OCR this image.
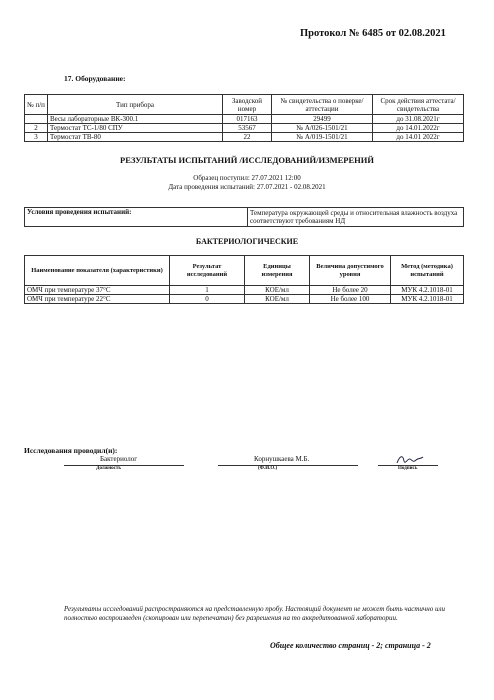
Протокол № 6485 от 02.08.2021
17. Оборудование:
№ п/п	Тип прибора	Заводской номер	№ свидетельства о поверке/аттестации	Срок действия аттестата/свидетельства
	Весы лабораторные ВК-300.1	017163	29499	до 31.08.2021г
2	Термостат ТС-1/80 СПУ	53567	№ А/026-1501/21	до 14.01.2022г
3	Термостат ТВ-80	22	№ А/019-1501/21	до 14.01 2022г
РЕЗУЛЬТАТЫ ИСПЫТАНИЙ /ИССЛЕДОВАНИЙ/ИЗМЕРЕНИЙ
Образец поступил: 27.07.2021 12:00
Дата проведения испытаний: 27.07.2021 - 02.08.2021
Условия проведения испытаний:	Температура окружающей среды и относительная влажность воздуха соответствуют требованиям НД
БАКТЕРИОЛОГИЧЕСКИЕ
Наименование показателя (характеристики)	Результат исследований	Единицы измерения	Величина допустимого уровня	Метод (методика) испытаний
ОМЧ при температуре 37°C	1	КОЕ/мл	Не более 20	МУК 4.2.1018-01
ОМЧ при температуре 22°C	0	КОЕ/мл	Не более 100	МУК 4.2.1018-01
Исследования проводил(и):
Бактериолог
Должность
Корнушкаева М.Б.
(Ф.И.О.)	Подпись
Результаты исследований распространяются на представленную пробу. Настоящий документ не может быть частично или полностью воспроизведен (скопирован или перепечатан) без разрешения на то аккредитованной лаборатории.
Общее количество страниц - 2; страница - 2
